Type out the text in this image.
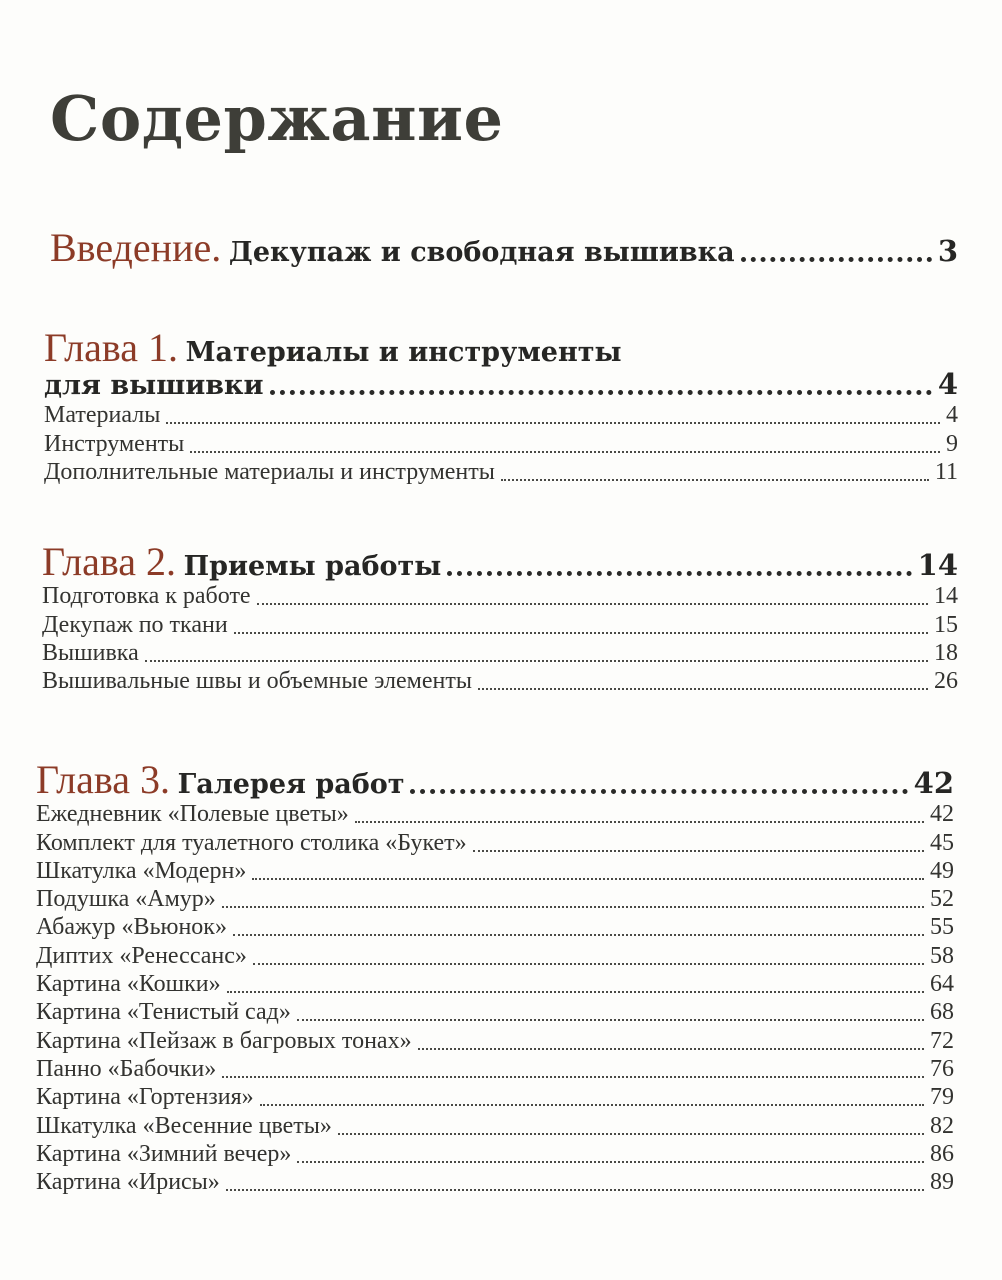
Содержание
Введение. Декупаж и свободная вышивка	3
Глава 1. Материалы и инструменты
для вышивки	4
Материалы	4
Инструменты	9
Дополнительные материалы и инструменты	11
Глава 2. Приемы работы	14
Подготовка к работе	14
Декупаж по ткани	15
Вышивка	18
Вышивальные швы и объемные элементы	26
Глава 3. Галерея работ	42
Ежедневник «Полевые цветы»	42
Комплект для туалетного столика «Букет»	45
Шкатулка «Модерн»	49
Подушка «Амур»	52
Абажур «Вьюнок»	55
Диптих «Ренессанс»	58
Картина «Кошки»	64
Картина «Тенистый сад»	68
Картина «Пейзаж в багровых тонах»	72
Панно «Бабочки»	76
Картина «Гортензия»	79
Шкатулка «Весенние цветы»	82
Картина «Зимний вечер»	86
Картина «Ирисы»	89
